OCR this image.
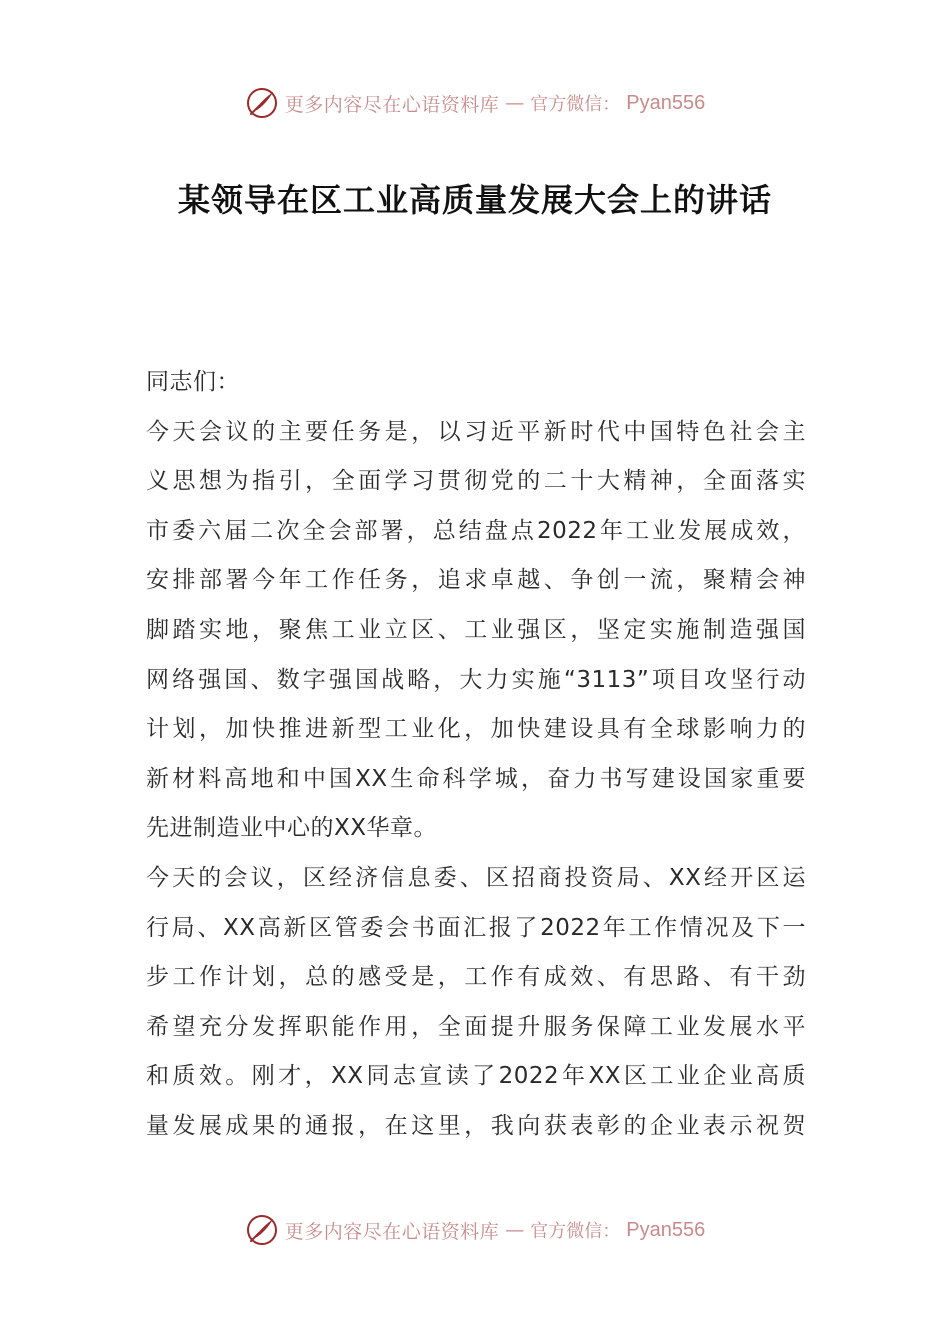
更多内容尽在心语资料库 — 官方微信： Pyan556
某领导在区工业高质量发展大会上的讲话
同志们：
今天会议的主要任务是，以习近平新时代中国特色社会主
义思想为指引，全面学习贯彻党的二十大精神，全面落实
市委六届二次全会部署，总结盘点2022年工业发展成效，
安排部署今年工作任务，追求卓越、争创一流，聚精会神
脚踏实地，聚焦工业立区、工业强区，坚定实施制造强国
网络强国、数字强国战略，大力实施“3113”项目攻坚行动
计划，加快推进新型工业化，加快建设具有全球影响力的
新材料高地和中国XX生命科学城，奋力书写建设国家重要
先进制造业中心的XX华章。
今天的会议，区经济信息委、区招商投资局、XX经开区运
行局、XX高新区管委会书面汇报了2022年工作情况及下一
步工作计划，总的感受是，工作有成效、有思路、有干劲
希望充分发挥职能作用，全面提升服务保障工业发展水平
和质效。刚才，XX同志宣读了2022年XX区工业企业高质
量发展成果的通报，在这里，我向获表彰的企业表示祝贺
更多内容尽在心语资料库 — 官方微信： Pyan556
